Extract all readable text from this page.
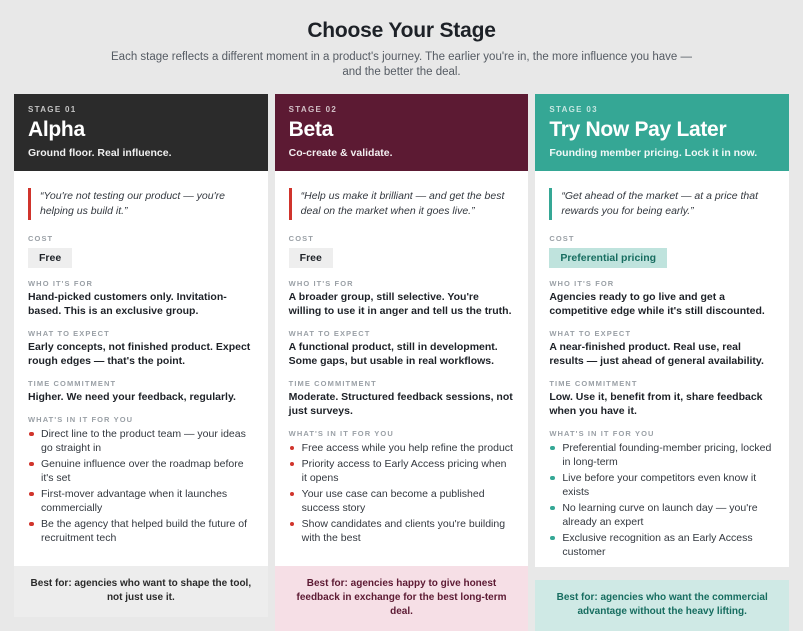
Choose Your Stage
Each stage reflects a different moment in a product's journey. The earlier you're in, the more influence you have — and the better the deal.
STAGE 01
Alpha
Ground floor. Real influence.
“You're not testing our product — you're helping us build it.”
COST
Free
WHO IT'S FOR
Hand-picked customers only. Invitation-based. This is an exclusive group.
WHAT TO EXPECT
Early concepts, not finished product. Expect rough edges — that's the point.
TIME COMMITMENT
Higher. We need your feedback, regularly.
WHAT'S IN IT FOR YOU
Direct line to the product team — your ideas go straight in
Genuine influence over the roadmap before it's set
First-mover advantage when it launches commercially
Be the agency that helped build the future of recruitment tech
Best for: agencies who want to shape the tool, not just use it.
STAGE 02
Beta
Co-create & validate.
“Help us make it brilliant — and get the best deal on the market when it goes live.”
COST
Free
WHO IT'S FOR
A broader group, still selective. You're willing to use it in anger and tell us the truth.
WHAT TO EXPECT
A functional product, still in development. Some gaps, but usable in real workflows.
TIME COMMITMENT
Moderate. Structured feedback sessions, not just surveys.
WHAT'S IN IT FOR YOU
Free access while you help refine the product
Priority access to Early Access pricing when it opens
Your use case can become a published success story
Show candidates and clients you're building with the best
Best for: agencies happy to give honest feedback in exchange for the best long-term deal.
STAGE 03
Try Now Pay Later
Founding member pricing. Lock it in now.
“Get ahead of the market — at a price that rewards you for being early.”
COST
Preferential pricing
WHO IT'S FOR
Agencies ready to go live and get a competitive edge while it's still discounted.
WHAT TO EXPECT
A near-finished product. Real use, real results — just ahead of general availability.
TIME COMMITMENT
Low. Use it, benefit from it, share feedback when you have it.
WHAT'S IN IT FOR YOU
Preferential founding-member pricing, locked in long-term
Live before your competitors even know it exists
No learning curve on launch day — you're already an expert
Exclusive recognition as an Early Access customer
Best for: agencies who want the commercial advantage without the heavy lifting.
